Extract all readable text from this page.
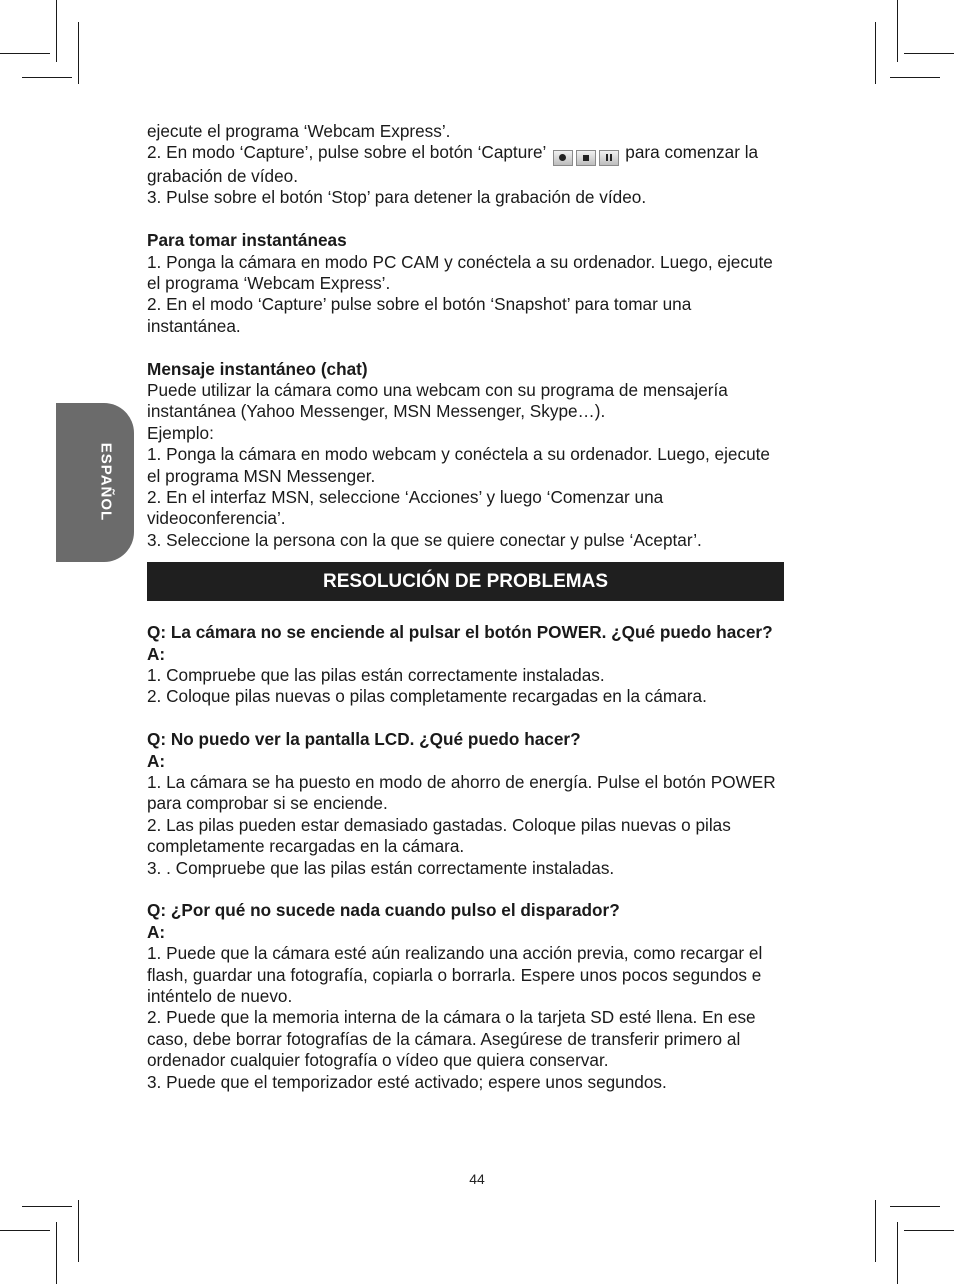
ESPAÑOL

ejecute el programa ‘Webcam Express’.

2. En modo ‘Capture’, pulse sobre el botón ‘Capture’	para comenzar la grabación de vídeo.

3. Pulse sobre el botón ‘Stop’ para detener la grabación de vídeo.

Para tomar instantáneas

1. Ponga la cámara en modo PC CAM y conéctela a su ordenador. Luego, ejecute el programa ‘Webcam Express’.

2. En el modo ‘Capture’ pulse sobre el botón ‘Snapshot’ para tomar una instantánea.

Mensaje instantáneo (chat)

Puede utilizar la cámara como una webcam con su programa de mensajería instantánea (Yahoo Messenger, MSN Messenger, Skype…).

Ejemplo:

1. Ponga la cámara en modo webcam y conéctela a su ordenador. Luego, ejecute el programa MSN Messenger.

2. En el interfaz MSN, seleccione ‘Acciones’ y luego ‘Comenzar una videoconferencia’.

3. Seleccione la persona con la que se quiere conectar y pulse ‘Aceptar’.

RESOLUCIÓN DE PROBLEMAS

Q: La cámara no se enciende al pulsar el botón POWER. ¿Qué puedo hacer?

A:

1. Compruebe que las pilas están correctamente instaladas.

2. Coloque pilas nuevas o pilas completamente recargadas en la cámara.

Q: No puedo ver la pantalla LCD. ¿Qué puedo hacer?

A:

1. La cámara se ha puesto en modo de ahorro de energía. Pulse el botón POWER para comprobar si se enciende.

2. Las pilas pueden estar demasiado gastadas. Coloque pilas nuevas o pilas completamente recargadas en la cámara.

3. . Compruebe que las pilas están correctamente instaladas.

Q: ¿Por qué no sucede nada cuando pulso el disparador?

A:

1. Puede que la cámara esté aún realizando una acción previa, como recargar el flash, guardar una fotografía, copiarla o borrarla. Espere unos pocos segundos e inténtelo de nuevo.

2. Puede que la memoria interna de la cámara o la tarjeta SD esté llena. En ese caso, debe borrar fotografías de la cámara. Asegúrese de transferir primero al ordenador cualquier fotografía o vídeo que quiera conservar.

3. Puede que el temporizador esté activado; espere unos segundos.

44
